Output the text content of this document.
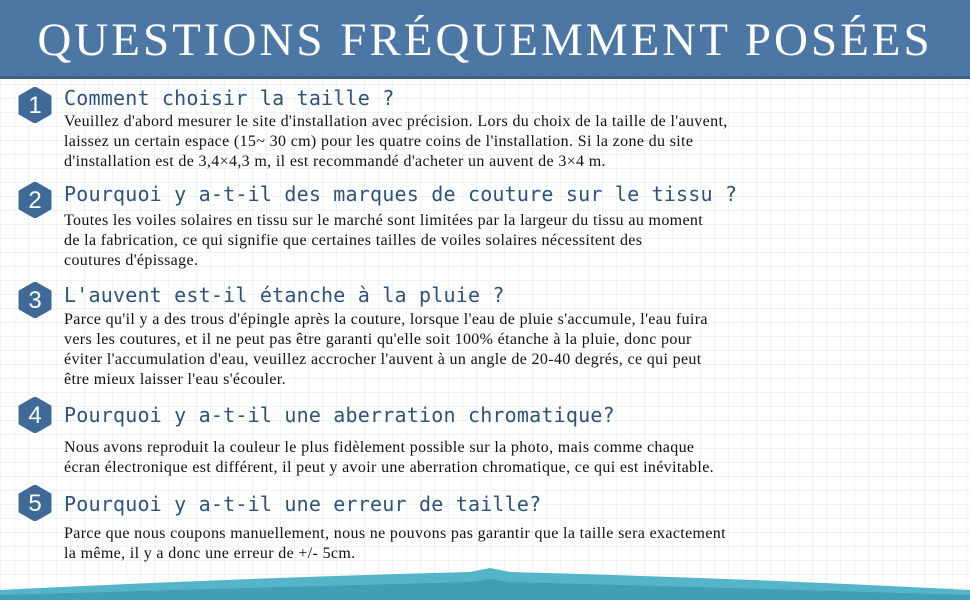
QUESTIONS FRÉQUEMMENT POSÉES
1 Comment choisir la taille ?
Veuillez d'abord mesurer le site d'installation avec précision. Lors du choix de la taille de l'auvent,
laissez un certain espace (15~ 30 cm) pour les quatre coins de l'installation. Si la zone du site
d'installation est de 3,4×4,3 m, il est recommandé d'acheter un auvent de 3×4 m.
2 Pourquoi y a-t-il des marques de couture sur le tissu ?
Toutes les voiles solaires en tissu sur le marché sont limitées par la largeur du tissu au moment
de la fabrication, ce qui signifie que certaines tailles de voiles solaires nécessitent des
coutures d'épissage.
3 L'auvent est-il étanche à la pluie ?
Parce qu'il y a des trous d'épingle après la couture, lorsque l'eau de pluie s'accumule, l'eau fuira
vers les coutures, et il ne peut pas être garanti qu'elle soit 100% étanche à la pluie, donc pour
éviter l'accumulation d'eau, veuillez accrocher l'auvent à un angle de 20-40 degrés, ce qui peut
être mieux laisser l'eau s'écouler.
4 Pourquoi y a-t-il une aberration chromatique?
Nous avons reproduit la couleur le plus fidèlement possible sur la photo, mais comme chaque
écran électronique est différent, il peut y avoir une aberration chromatique, ce qui est inévitable.
5 Pourquoi y a-t-il une erreur de taille?
Parce que nous coupons manuellement, nous ne pouvons pas garantir que la taille sera exactement
la même, il y a donc une erreur de +/- 5cm.
